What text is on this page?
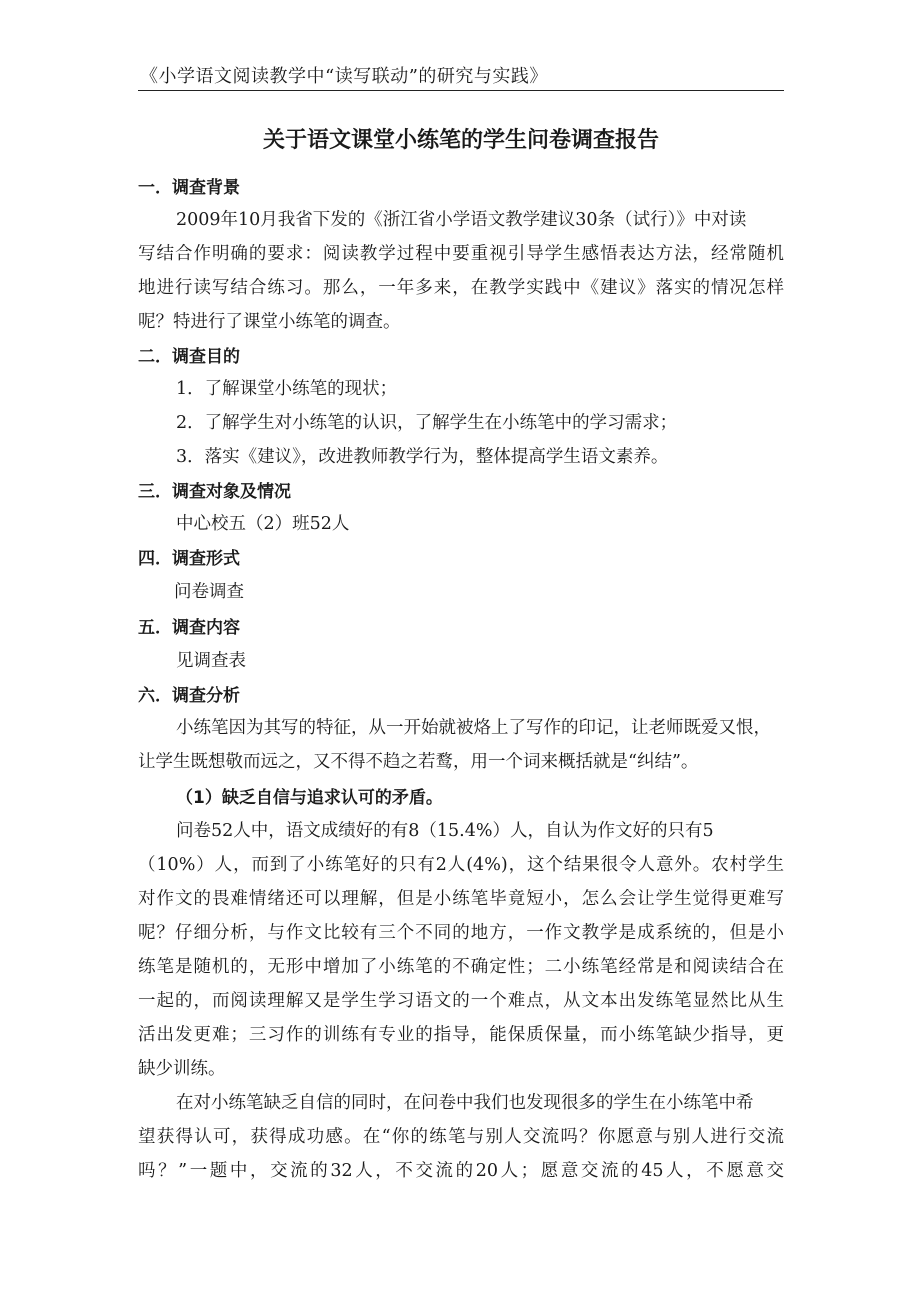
《小学语文阅读教学中“读写联动”的研究与实践》
关于语文课堂小练笔的学生问卷调查报告
一．调查背景
2009年10月我省下发的《浙江省小学语文教学建议30条（试行）》中对读
写结合作明确的要求：阅读教学过程中要重视引导学生感悟表达方法，经常随机
地进行读写结合练习。那么，一年多来，在教学实践中《建议》落实的情况怎样
呢？特进行了课堂小练笔的调查。
二．调查目的
1．了解课堂小练笔的现状；
2．了解学生对小练笔的认识，了解学生在小练笔中的学习需求；
3．落实《建议》，改进教师教学行为，整体提高学生语文素养。
三．调查对象及情况
中心校五（2）班52人
四．调查形式
问卷调查
五．调查内容
见调查表
六．调查分析
小练笔因为其写的特征，从一开始就被烙上了写作的印记，让老师既爱又恨，
让学生既想敬而远之，又不得不趋之若鹜，用一个词来概括就是“纠结”。
（1）缺乏自信与追求认可的矛盾。
问卷52人中，语文成绩好的有8（15.4%）人，自认为作文好的只有5
（10%）人，而到了小练笔好的只有2人(4%)，这个结果很令人意外。农村学生
对作文的畏难情绪还可以理解，但是小练笔毕竟短小，怎么会让学生觉得更难写
呢？仔细分析，与作文比较有三个不同的地方，一作文教学是成系统的，但是小
练笔是随机的，无形中增加了小练笔的不确定性；二小练笔经常是和阅读结合在
一起的，而阅读理解又是学生学习语文的一个难点，从文本出发练笔显然比从生
活出发更难；三习作的训练有专业的指导，能保质保量，而小练笔缺少指导，更
缺少训练。
在对小练笔缺乏自信的同时，在问卷中我们也发现很多的学生在小练笔中希
望获得认可，获得成功感。在“你的练笔与别人交流吗？你愿意与别人进行交流
吗？”一题中，交流的32人，不交流的20人；愿意交流的45人，不愿意交
